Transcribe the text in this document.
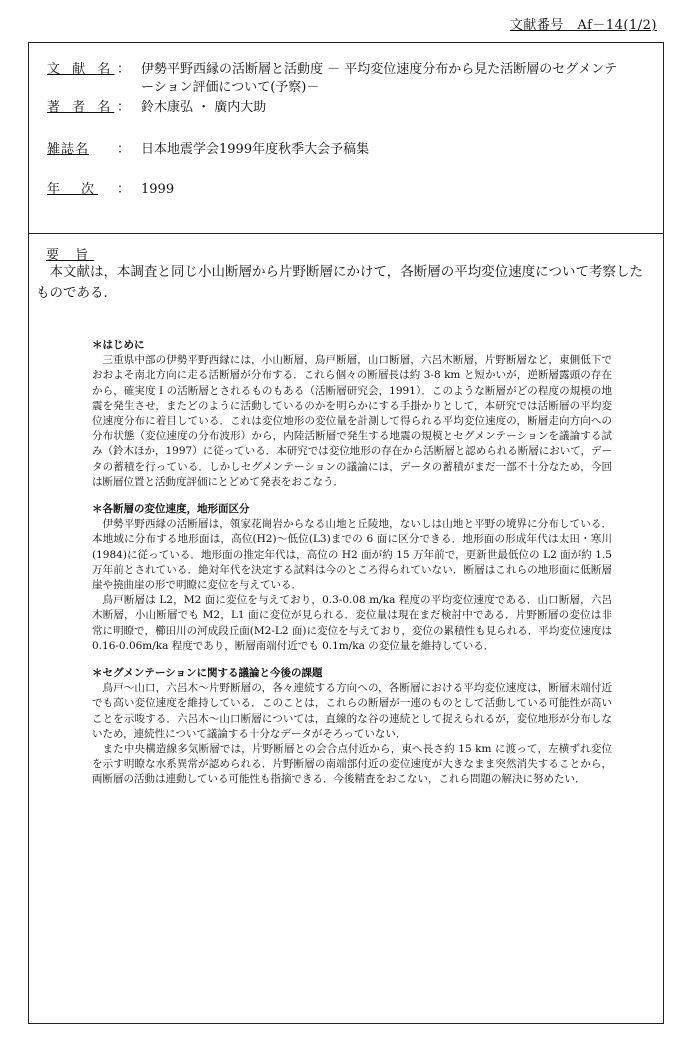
文献番号　Af－14(1/2)
文 献 名 ： 伊勢平野西縁の活断層と活動度 － 平均変位速度分布から見た活断層のセグメンテーション評価について(予察)－
著 者 名 ： 鈴木康弘 ・ 廣内大助
雑誌名 ： 日本地震学会1999年度秋季大会予稿集
年　次 ： 1999
要 旨
本文献は，本調査と同じ小山断層から片野断層にかけて，各断層の平均変位速度について考察したものである．
＊はじめに
三重県中部の伊勢平野西縁には，小山断層，鳥戸断層，山口断層，六呂木断層，片野断層など，東側低下でおおよそ南北方向に走る活断層が分布する．これら個々の断層長は約 3-8 km と短かいが，逆断層露頭の存在から，確実度 I の活断層とされるものもある（活断層研究会，1991）．このような断層がどの程度の規模の地震を発生させ，またどのように活動しているのかを明らかにする手掛かりとして，本研究では活断層の平均変位速度分布に着目している．これは変位地形の変位量を計測して得られる平均変位速度の，断層走向方向への分布状態（変位速度の分布波形）から，内陸活断層で発生する地震の規模とセグメンテーションを議論する試み（鈴木ほか，1997）に従っている．本研究では変位地形の存在から活断層と認められる断層において，データの蓄積を行っている．しかしセグメンテーションの議論には，データの蓄積がまだ一部不十分なため，今回は断層位置と活動度評価にとどめて発表をおこなう．
＊各断層の変位速度，地形面区分
伊勢平野西縁の活断層は，領家花崗岩からなる山地と丘陵地，ないしは山地と平野の境界に分布している．本地域に分布する地形面は，高位(H2)～低位(L3)までの 6 面に区分できる．地形面の形成年代は太田・寒川(1984)に従っている．地形面の推定年代は，高位の H2 面が約 15 万年前で，更新世最低位の L2 面が約 1.5 万年前とされている．絶対年代を決定する試料は今のところ得られていない．断層はこれらの地形面に低断層崖や撓曲崖の形で明瞭に変位を与えている．
鳥戸断層は L2，M2 面に変位を与えており，0.3-0.08 m/ka 程度の平均変位速度である．山口断層，六呂木断層，小山断層でも M2，L1 面に変位が見られる．変位量は現在まだ検討中である．片野断層の変位は非常に明瞭で，櫛田川の河成段丘面(M2-L2 面)に変位を与えており，変位の累積性も見られる．平均変位速度は 0.16-0.06m/ka 程度であり，断層南端付近でも 0.1m/ka の変位量を維持している．
＊セグメンテーションに関する議論と今後の課題
鳥戸～山口，六呂木～片野断層の，各々連続する方向への，各断層における平均変位速度は，断層末端付近でも高い変位速度を維持している．このことは，これらの断層が一連のものとして活動している可能性が高いことを示唆する．六呂木～山口断層については，直線的な谷の連続として捉えられるが，変位地形が分布しないため，連続性について議論する十分なデータがそろっていない．
また中央構造線多気断層では，片野断層との会合点付近から，東へ長さ約 15 km に渡って，左横ずれ変位を示す明瞭な水系異常が認められる．片野断層の南端部付近の変位速度が大きなまま突然消失することから，両断層の活動は連動している可能性も指摘できる．今後精査をおこない，これら問題の解決に努めたい．
